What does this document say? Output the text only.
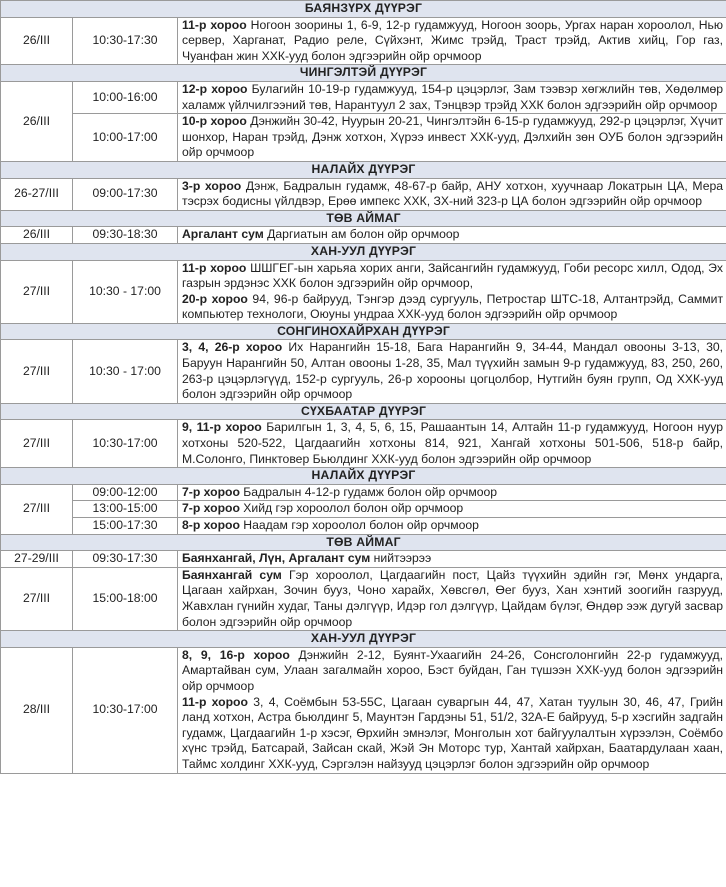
БАЯНЗҮРХ ДҮҮРЭГ		
26/III	10:30-17:30	11-р хороо Ногоон зоорины 1, 6-9, 12-р гудамжууд, Ногоон зоорь, Ургах наран хороолол, Нью сервер, Харганат, Радио реле, Сүйхэнт, Жимс трэйд, Траст трэйд, Актив хийц, Гор газ, Чуанфан жин ХХК-ууд болон эдгээрийн ойр орчмоор
ЧИНГЭЛТЭЙ ДҮҮРЭГ		
26/III	10:00-16:00	12-р хороо Булагийн 10-19-р гудамжууд, 154-р цэцэрлэг, Зам тээвэр хөгжлийн төв, Хөдөлмөр халамж үйлчилгээний төв, Нарантуул 2 зах, Тэнцвэр трэйд ХХК болон эдгээрийн ойр орчмоор
	10:00-17:00	10-р хороо Дэнжийн 30-42, Нуурын 20-21, Чингэлтэйн 6-15-р гудамжууд, 292-р цэцэрлэг, Хүчит шонхор, Наран трэйд, Дэнж хотхон, Хүрээ инвест ХХК-ууд, Дэлхийн зөн ОУБ болон эдгээрийн ойр орчмоор
НАЛАЙХ ДҮҮРЭГ		
26-27/III	09:00-17:30	3-р хороо Дэнж, Бадралын гудамж, 48-67-р байр, АНУ хотхон, хуучнаар Локатрын ЦА, Мера тэсрэх бодисны үйлдвэр, Ерөө импекс ХХК, ЗХ-ний 323-р ЦА болон эдгээрийн ойр орчмоор
ТӨВ АЙМАГ		
26/III	09:30-18:30	Аргалант сум Даргиатын ам болон ойр орчмоор
ХАН-УУЛ ДҮҮРЭГ		
27/III	10:30 - 17:00	11-р хороо ШШГЕГ-ын харьяа хорих анги, Зайсангийн гудамжууд, Гоби ресорс хилл, Одод, Эх газрын эрдэнэс ХХК болон эдгээрийн ойр орчмоор,
20-р хороо 94, 96-р байрууд, Тэнгэр дээд сургууль, Петростар ШТС-18, Алтантрэйд, Саммит компьютер технологи, Оюуны ундраа ХХК-ууд болон эдгээрийн ойр орчмоор
СОНГИНОХАЙРХАН ДҮҮРЭГ		
27/III	10:30 - 17:00	3, 4, 26-р хороо Их Нарангийн 15-18, Бага Нарангийн 9, 34-44, Мандал овооны 3-13, 30, Баруун Нарангийн 50, Алтан овооны 1-28, 35, Мал түүхийн замын 9-р гудамжууд, 83, 250, 260, 263-р цэцэрлэгүүд, 152-р сургууль, 26-р хорооны цогцолбор, Нутгийн буян групп, Од ХХК-ууд болон эдгээрийн ойр орчмоор
СҮХБААТАР ДҮҮРЭГ		
27/III	10:30-17:00	9, 11-р хороо Барилгын 1, 3, 4, 5, 6, 15, Рашаантын 14, Алтайн 11-р гудамжууд, Ногоон нуур хотхоны 520-522, Цагдаагийн хотхоны 814, 921, Хангай хотхоны 501-506, 518-р байр, М.Солонго, Пинктовер Бьюлдинг ХХК-ууд болон эдгээрийн ойр орчмоор
НАЛАЙХ ДҮҮРЭГ		
27/III	09:00-12:00	7-р хороо Бадралын 4-12-р гудамж болон ойр орчмоор
	13:00-15:00	7-р хороо Хийд гэр хороолол болон ойр орчмоор
	15:00-17:30	8-р хороо Наадам гэр хороолол болон ойр орчмоор
ТӨВ АЙМАГ		
27-29/III	09:30-17:30	Баянхангай, Лүн, Аргалант сум нийтээрээ
27/III	15:00-18:00	Баянхангай сум Гэр хороолол, Цагдаагийн пост, Цайз түүхийн эдийн гэг, Мөнх ундарга, Цагаан хайрхан, Зочин бууз, Чоно харайх, Хөвсгөл, Өег бууз, Хан хэнтий зоогийн газрууд, Жавхлан гүнийн худаг, Таны дэлгүүр, Идэр гол дэлгүүр, Цайдам бүлэг, Өндөр ээж дугуй засвар болон эдгээрийн ойр орчмоор
ХАН-УУЛ ДҮҮРЭГ		
28/III	10:30-17:00	8, 9, 16-р хороо Дэнжийн 2-12, Буянт-Ухаагийн 24-26, Сонсголонгийн 22-р гудамжууд, Амартайван сум, Улаан загалмайн хороо, Бэст буйдан, Ган түшээн ХХК-ууд болон эдгээрийн ойр орчмоор
11-р хороо 3, 4, Соёмбын 53-55С, Цагаан суваргын 44, 47, Хатан туулын 30, 46, 47, Грийн ланд хотхон, Астра бьюлдинг 5, Маунтэн Гардэны 51, 51/2, 32А-Е байрууд, 5-р хэсгийн задгайн гудамж, Цагдаагийн 1-р хэсэг, Өрхийн эмнэлэг, Монголын хот байгуулалтын хүрээлэн, Соёмбо хүнс трэйд, Батсарай, Зайсан скай, Жэй Эн Моторс тур, Хантай хайрхан, Баатардулаан хаан, Таймс холдинг ХХК-ууд, Сэргэлэн найзууд цэцэрлэг болон эдгээрийн ойр орчмоор
